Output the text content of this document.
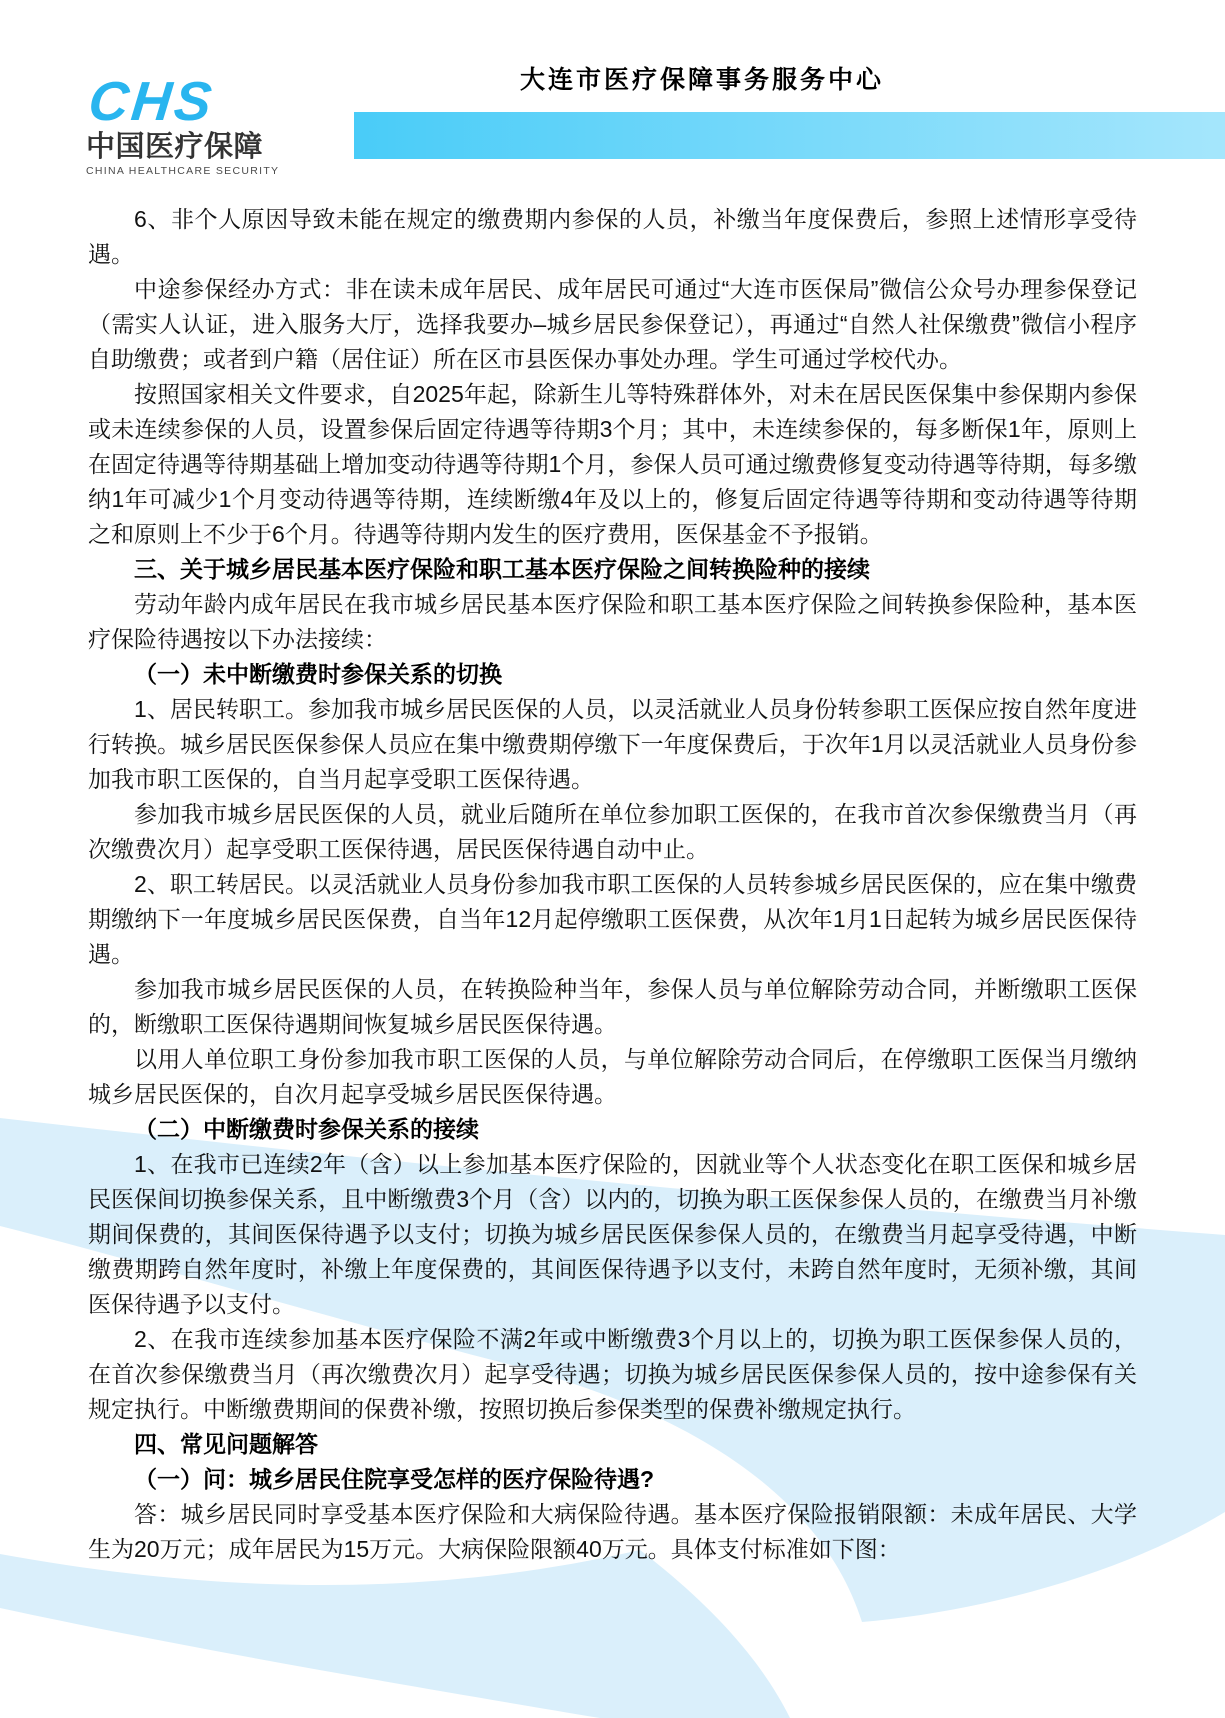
CHS
中国医疗保障
CHINA HEALTHCARE SECURITY
大连市医疗保障事务服务中心

6、非个人原因导致未能在规定的缴费期内参保的人员，补缴当年度保费后，参照上述情形享受待遇。

中途参保经办方式：非在读未成年居民、成年居民可通过“大连市医保局”微信公众号办理参保登记（需实人认证，进入服务大厅，选择我要办–城乡居民参保登记），再通过“自然人社保缴费”微信小程序自助缴费；或者到户籍（居住证）所在区市县医保办事处办理。学生可通过学校代办。

按照国家相关文件要求，自2025年起，除新生儿等特殊群体外，对未在居民医保集中参保期内参保或未连续参保的人员，设置参保后固定待遇等待期3个月；其中，未连续参保的，每多断保1年，原则上在固定待遇等待期基础上增加变动待遇等待期1个月，参保人员可通过缴费修复变动待遇等待期，每多缴纳1年可减少1个月变动待遇等待期，连续断缴4年及以上的，修复后固定待遇等待期和变动待遇等待期之和原则上不少于6个月。待遇等待期内发生的医疗费用，医保基金不予报销。

三、关于城乡居民基本医疗保险和职工基本医疗保险之间转换险种的接续

劳动年龄内成年居民在我市城乡居民基本医疗保险和职工基本医疗保险之间转换参保险种，基本医疗保险待遇按以下办法接续：

（一）未中断缴费时参保关系的切换

1、居民转职工。参加我市城乡居民医保的人员，以灵活就业人员身份转参职工医保应按自然年度进行转换。城乡居民医保参保人员应在集中缴费期停缴下一年度保费后，于次年1月以灵活就业人员身份参加我市职工医保的，自当月起享受职工医保待遇。

参加我市城乡居民医保的人员，就业后随所在单位参加职工医保的，在我市首次参保缴费当月（再次缴费次月）起享受职工医保待遇，居民医保待遇自动中止。

2、职工转居民。以灵活就业人员身份参加我市职工医保的人员转参城乡居民医保的，应在集中缴费期缴纳下一年度城乡居民医保费，自当年12月起停缴职工医保费，从次年1月1日起转为城乡居民医保待遇。

参加我市城乡居民医保的人员，在转换险种当年，参保人员与单位解除劳动合同，并断缴职工医保的，断缴职工医保待遇期间恢复城乡居民医保待遇。

以用人单位职工身份参加我市职工医保的人员，与单位解除劳动合同后，在停缴职工医保当月缴纳城乡居民医保的，自次月起享受城乡居民医保待遇。

（二）中断缴费时参保关系的接续

1、在我市已连续2年（含）以上参加基本医疗保险的，因就业等个人状态变化在职工医保和城乡居民医保间切换参保关系，且中断缴费3个月（含）以内的，切换为职工医保参保人员的，在缴费当月补缴期间保费的，其间医保待遇予以支付；切换为城乡居民医保参保人员的，在缴费当月起享受待遇，中断缴费期跨自然年度时，补缴上年度保费的，其间医保待遇予以支付，未跨自然年度时，无须补缴，其间医保待遇予以支付。

2、在我市连续参加基本医疗保险不满2年或中断缴费3个月以上的，切换为职工医保参保人员的，在首次参保缴费当月（再次缴费次月）起享受待遇；切换为城乡居民医保参保人员的，按中途参保有关规定执行。中断缴费期间的保费补缴，按照切换后参保类型的保费补缴规定执行。

四、常见问题解答

（一）问：城乡居民住院享受怎样的医疗保险待遇?

答：城乡居民同时享受基本医疗保险和大病保险待遇。基本医疗保险报销限额：未成年居民、大学生为20万元；成年居民为15万元。大病保险限额40万元。具体支付标准如下图：
